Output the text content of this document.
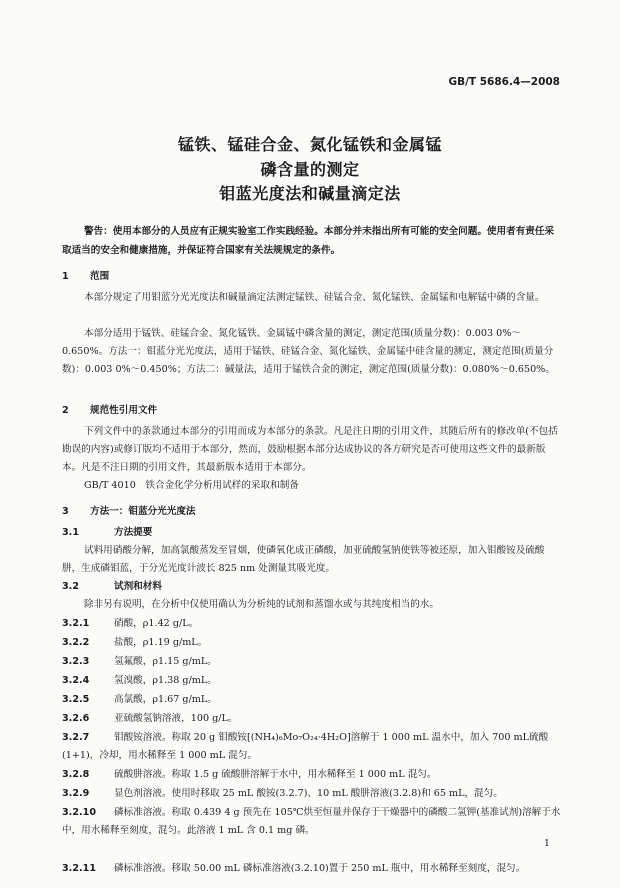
GB/T 5686.4—2008
锰铁、锰硅合金、氮化锰铁和金属锰
磷含量的测定
钼蓝光度法和碱量滴定法
警告：使用本部分的人员应有正规实验室工作实践经验。本部分并未指出所有可能的安全问题。使用者有责任采取适当的安全和健康措施，并保证符合国家有关法规规定的条件。
1 范围
本部分规定了用钼蓝分光光度法和碱量滴定法测定锰铁、硅锰合金、氮化锰铁、金属锰和电解锰中磷的含量。
本部分适用于锰铁、硅锰合金、氮化锰铁、金属锰中磷含量的测定，测定范围(质量分数)：0.003 0%～0.650%。方法一：钼蓝分光光度法，适用于锰铁、硅锰合金、氮化锰铁、金属锰中硅含量的测定，测定范围(质量分数)：0.003 0%～0.450%；方法二：碱量法，适用于锰铁合金的测定，测定范围(质量分数)：0.080%～0.650%。
2 规范性引用文件
下列文件中的条款通过本部分的引用而成为本部分的条款。凡是注日期的引用文件，其随后所有的修改单(不包括勘误的内容)或修订版均不适用于本部分，然而，鼓励根据本部分达成协议的各方研究是否可使用这些文件的最新版本。凡是不注日期的引用文件，其最新版本适用于本部分。
GB/T 4010　铁合金化学分析用试样的采取和制备
3 方法一：钼蓝分光光度法
3.1	方法提要
试料用硝酸分解，加高氯酸蒸发至冒烟，使磷氧化成正磷酸，加亚硫酸氢钠使铁等被还原，加入钼酸铵及硫酸肼，生成磷钼蓝，于分光光度计波长 825 nm 处测量其吸光度。
3.2	试剂和材料
除非另有说明，在分析中仅使用确认为分析纯的试剂和蒸馏水或与其纯度相当的水。
3.2.1	硝酸，ρ1.42 g/L。
3.2.2	盐酸，ρ1.19 g/mL。
3.2.3	氢氟酸，ρ1.15 g/mL。
3.2.4	氢溴酸，ρ1.38 g/mL。
3.2.5	高氯酸，ρ1.67 g/mL。
3.2.6	亚硫酸氢钠溶液，100 g/L。
3.2.7	钼酸铵溶液。称取 20 g 钼酸铵[(NH₄)₆Mo₇O₂₄·4H₂O]溶解于 1 000 mL 温水中，加入 700 mL硫酸(1+1)，冷却，用水稀释至 1 000 mL 混匀。
3.2.8	硫酸肼溶液。称取 1.5 g 硫酸肼溶解于水中，用水稀释至 1 000 mL 混匀。
3.2.9	显色剂溶液。使用时移取 25 mL 酸铵(3.2.7)、10 mL 酸肼溶液(3.2.8)和 65 mL，混匀。
3.2.10 磷标准溶液。称取 0.439 4 g 预先在 105℃烘至恒量并保存于干燥器中的磷酸二氢钾(基准试剂)溶解于水中，用水稀释至刻度，混匀。此溶液 1 mL 含 0.1 mg 磷。
3.2.11 磷标准溶液。移取 50.00 mL 磷标准溶液(3.2.10)置于 250 mL 瓶中，用水稀释至刻度，混匀。
1
